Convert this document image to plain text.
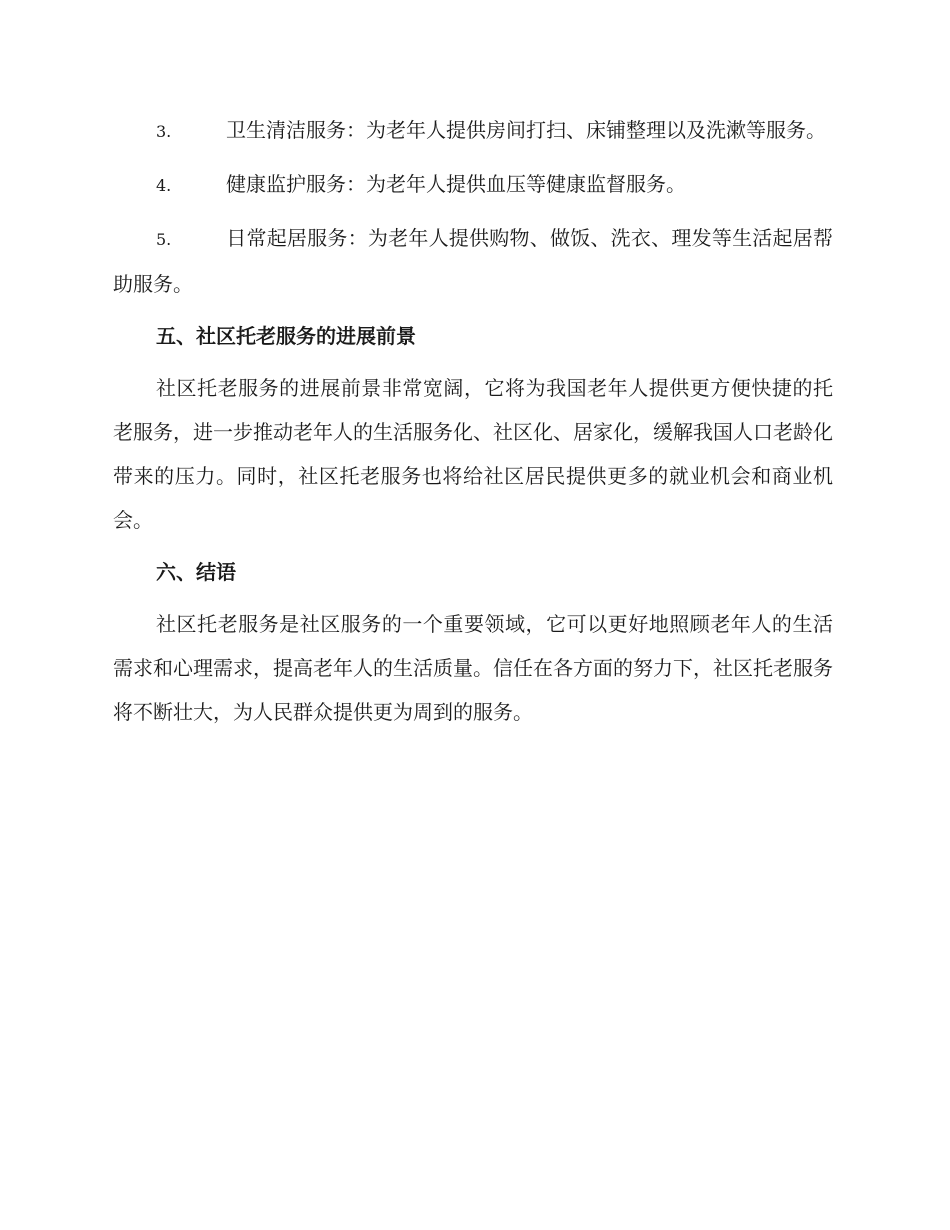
3.	卫生清洁服务：为老年人提供房间打扫、床铺整理以及洗漱等服务。

4.	健康监护服务：为老年人提供血压等健康监督服务。

5.	日常起居服务：为老年人提供购物、做饭、洗衣、理发等生活起居帮助服务。

五、社区托老服务的进展前景

社区托老服务的进展前景非常宽阔，它将为我国老年人提供更方便快捷的托老服务，进一步推动老年人的生活服务化、社区化、居家化，缓解我国人口老龄化带来的压力。同时，社区托老服务也将给社区居民提供更多的就业机会和商业机会。

六、结语

社区托老服务是社区服务的一个重要领域，它可以更好地照顾老年人的生活需求和心理需求，提高老年人的生活质量。信任在各方面的努力下，社区托老服务将不断壮大，为人民群众提供更为周到的服务。
